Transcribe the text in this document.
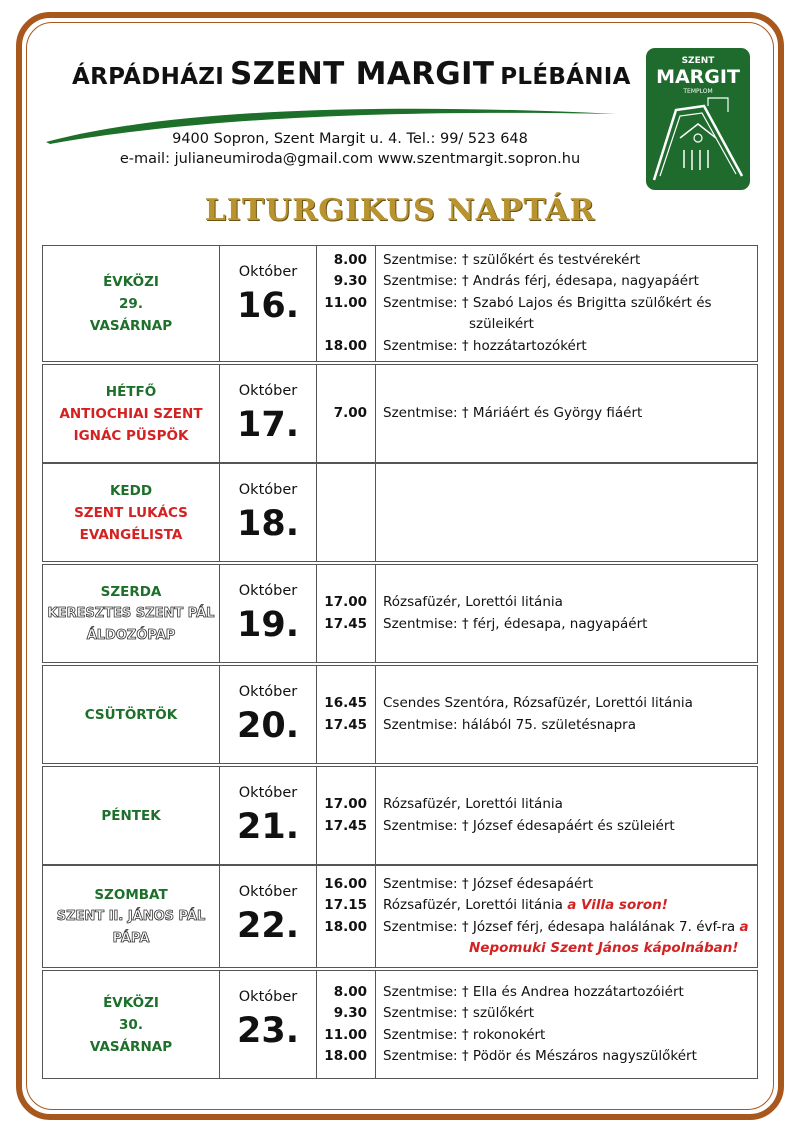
ÁRPÁDHÁZI SZENT MARGIT PLÉBÁNIA
9400 Sopron, Szent Margit u. 4. Tel.: 99/ 523 648
e-mail: julianeumiroda@gmail.com www.szentmargit.sopron.hu
SZENT
MARGIT
TEMPLOM
LITURGIKUS NAPTÁR
ÉVKÖZI
29.
VASÁRNAP
Október
16.
8.00
9.30
11.00
18.00
Szentmise: † szülőkért és testvérekért
Szentmise: † András férj, édesapa, nagyapáért
Szentmise: † Szabó Lajos és Brigitta szülőkért és
szüleikért
Szentmise: † hozzátartozókért
HÉTFŐ
ANTIOCHIAI SZENT
IGNÁC PÜSPÖK
Október
17.	7.00	Szentmise: † Máriáért és György fiáért
KEDD
SZENT LUKÁCS
EVANGÉLISTA
Október
18.
SZERDA
KERESZTES SZENT PÁL
ÁLDOZÓPAP
Október
19.
17.00
17.45
Rózsafüzér, Lorettói litánia
Szentmise: † férj, édesapa, nagyapáért
CSÜTÖRTÖK
Október
20.
16.45
17.45
Csendes Szentóra, Rózsafüzér, Lorettói litánia
Szentmise: hálából 75. születésnapra
PÉNTEK
Október
21.
17.00
17.45
Rózsafüzér, Lorettói litánia
Szentmise: † József édesapáért és szüleiért
SZOMBAT
SZENT II. JÁNOS PÁL
PÁPA
Október
22.
16.00
17.15
18.00
Szentmise: † József édesapáért
Rózsafüzér, Lorettói litánia a Villa soron!
Szentmise: † József férj, édesapa halálának 7. évf-ra a
Nepomuki Szent János kápolnában!
ÉVKÖZI
30.
VASÁRNAP
Október
23.
8.00
9.30
11.00
18.00
Szentmise: † Ella és Andrea hozzátartozóiért
Szentmise: † szülőkért
Szentmise: † rokonokért
Szentmise: † Pödör és Mészáros nagyszülőkért
